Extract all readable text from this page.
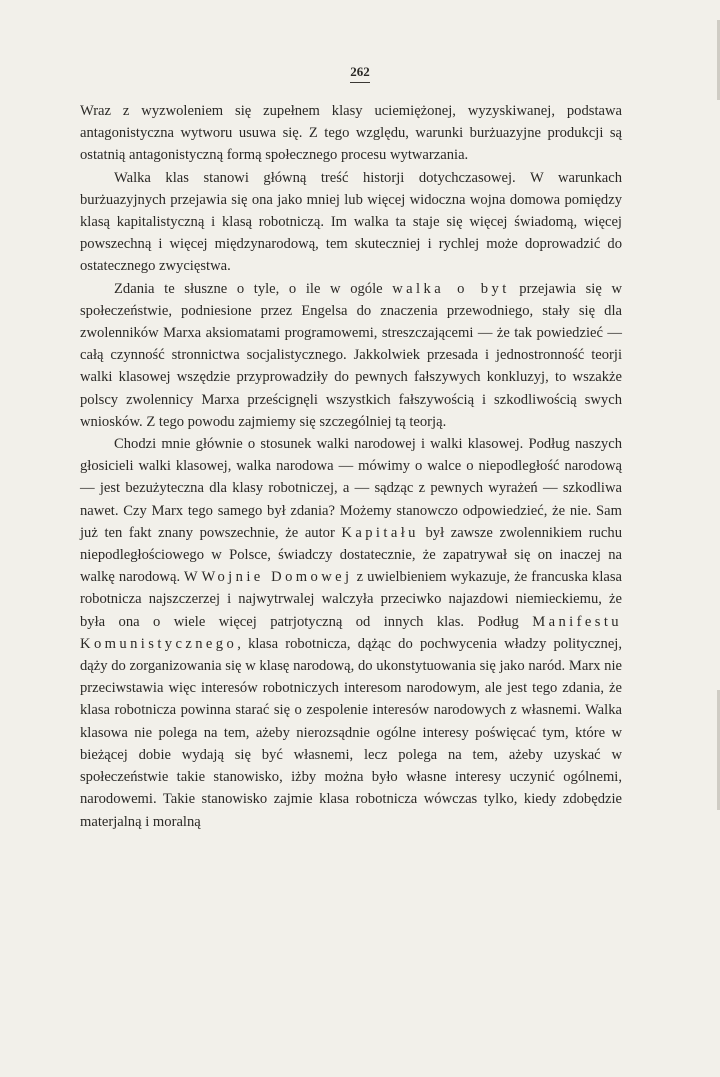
262

Wraz z wyzwoleniem się zupełnem klasy uciemiężonej, wyzyskiwanej, podstawa antagonistyczna wytworu usuwa się. Z tego względu, warunki burżuazyjne produkcji są ostatnią antagonistyczną formą społecznego procesu wytwarzania.

Walka klas stanowi główną treść historji dotychczasowej. W warunkach burżuazyjnych przejawia się ona jako mniej lub więcej widoczna wojna domowa pomiędzy klasą kapitalistyczną i klasą robotniczą. Im walka ta staje się więcej świadomą, więcej powszechną i więcej międzynarodową, tem skuteczniej i rychlej może doprowadzić do ostatecznego zwycięstwa.

Zdania te słuszne o tyle, o ile w ogóle walka o byt przejawia się w społeczeństwie, podniesione przez Engelsa do znaczenia przewodniego, stały się dla zwolenników Marxa aksiomatami programowemi, streszczającemi — że tak powiedzieć — całą czynność stronnictwa socjalistycznego. Jakkolwiek przesada i jednostronność teorji walki klasowej wszędzie przyprowadziły do pewnych fałszywych konkluzyj, to wszakże polscy zwolennicy Marxa prześcignęli wszystkich fałszywością i szkodliwością swych wniosków. Z tego powodu zajmiemy się szczególniej tą teorją.

Chodzi mnie głównie o stosunek walki narodowej i walki klasowej. Podług naszych głosicieli walki klasowej, walka narodowa — mówimy o walce o niepodległość narodową — jest bezużyteczna dla klasy robotniczej, a — sądząc z pewnych wyrażeń — szkodliwa nawet. Czy Marx tego samego był zdania? Możemy stanowczo odpowiedzieć, że nie. Sam już ten fakt znany powszechnie, że autor Kapitału był zawsze zwolennikiem ruchu niepodległościowego w Polsce, świadczy dostatecznie, że zapatrywał się on inaczej na walkę narodową. W Wojnie Domowej z uwielbieniem wykazuje, że francuska klasa robotnicza najszczerzej i najwytrwalej walczyła przeciwko najazdowi niemieckiemu, że była ona o wiele więcej patrjotyczną od innych klas. Podług Manifestu Komunistycznego, klasa robotnicza, dążąc do pochwycenia władzy politycznej, dąży do zorganizowania się w klasę narodową, do ukonstytuowania się jako naród. Marx nie przeciwstawia więc interesów robotniczych interesom narodowym, ale jest tego zdania, że klasa robotnicza powinna starać się o zespolenie interesów narodowych z własnemi. Walka klasowa nie polega na tem, ażeby nierozsądnie ogólne interesy poświęcać tym, które w bieżącej dobie wydają się być własnemi, lecz polega na tem, ażeby uzyskać w społeczeństwie takie stanowisko, iżby można było własne interesy uczynić ogólnemi, narodowemi. Takie stanowisko zajmie klasa robotnicza wówczas tylko, kiedy zdobędzie materjalną i moralną
